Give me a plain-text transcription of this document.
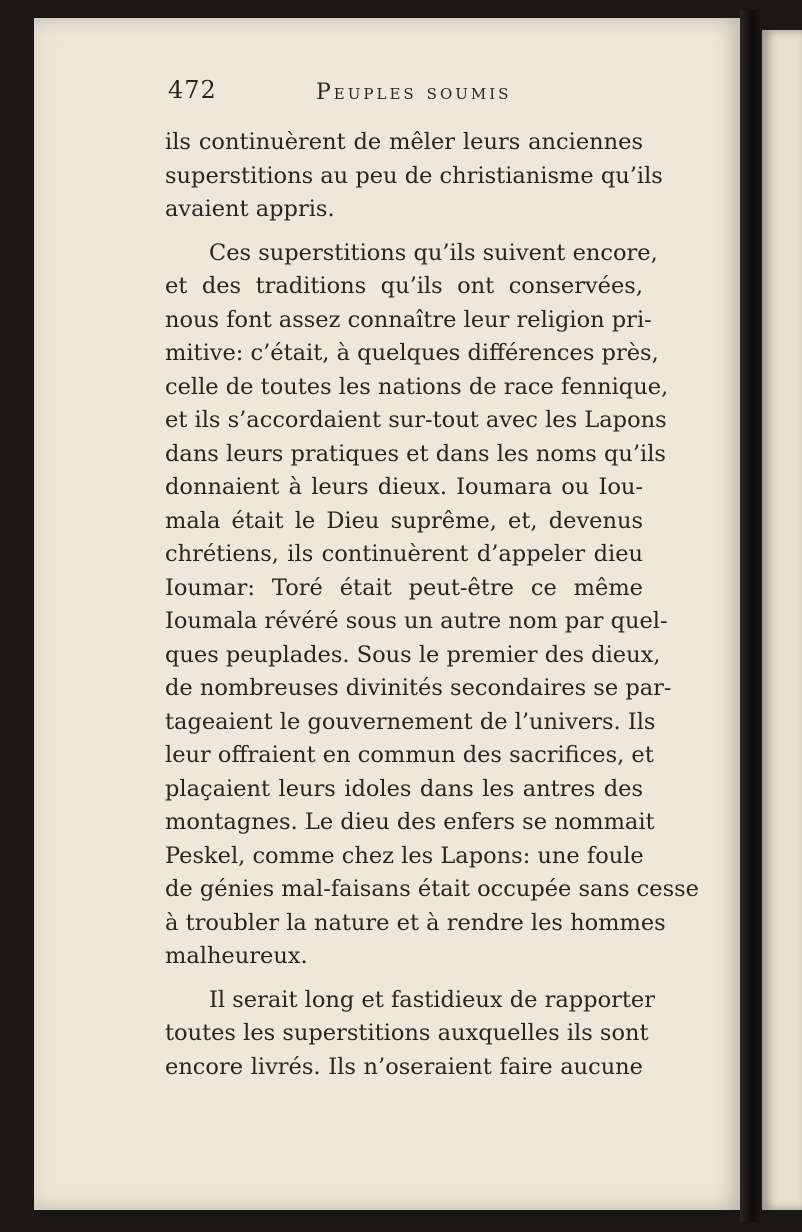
472	Peuples soumis
ils continuèrent de mêler leurs anciennes
superstitions au peu de christianisme qu’ils
avaient appris.
Ces superstitions qu’ils suivent encore,
et des traditions qu’ils ont conservées,
nous font assez connaître leur religion pri-
mitive: c’était, à quelques différences près,
celle de toutes les nations de race fennique,
et ils s’accordaient sur-tout avec les Lapons
dans leurs pratiques et dans les noms qu’ils
donnaient à leurs dieux. Ioumara ou Iou-
mala était le Dieu suprême, et, devenus
chrétiens, ils continuèrent d’appeler dieu
Ioumar: Toré était peut-être ce même
Ioumala révéré sous un autre nom par quel-
ques peuplades. Sous le premier des dieux,
de nombreuses divinités secondaires se par-
tageaient le gouvernement de l’univers. Ils
leur offraient en commun des sacrifices, et
plaçaient leurs idoles dans les antres des
montagnes. Le dieu des enfers se nommait
Peskel, comme chez les Lapons: une foule
de génies mal-faisans était occupée sans cesse
à troubler la nature et à rendre les hommes
malheureux.
Il serait long et fastidieux de rapporter
toutes les superstitions auxquelles ils sont
encore livrés. Ils n’oseraient faire aucune
